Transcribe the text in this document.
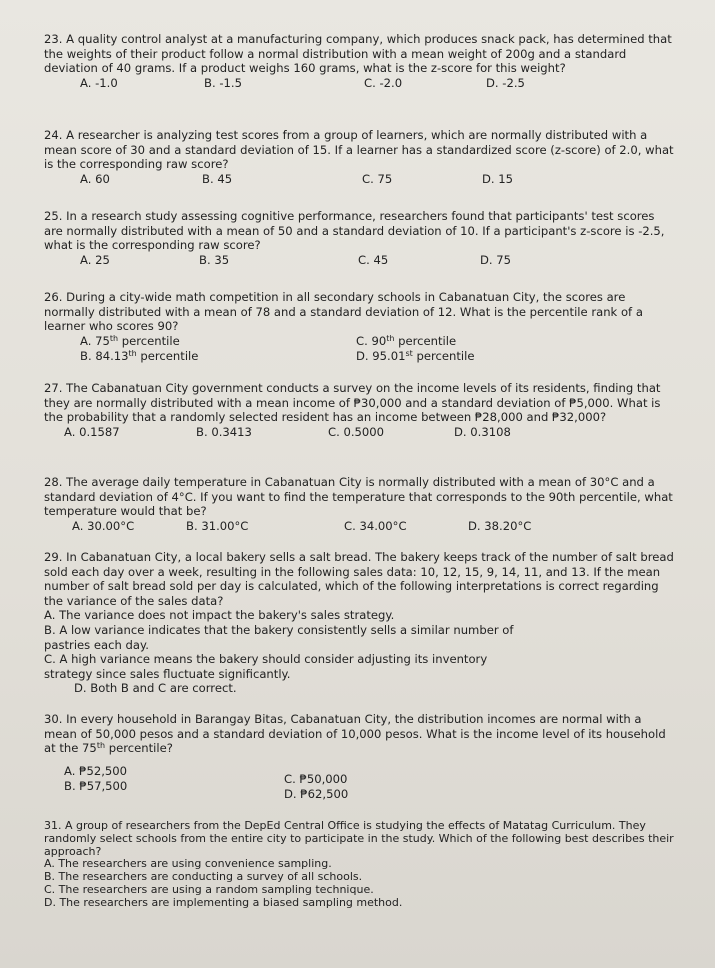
23. A quality control analyst at a manufacturing company, which produces snack pack, has determined that the weights of their product follow a normal distribution with a mean weight of 200g and a standard deviation of 40 grams. If a product weighs 160 grams, what is the z-score for this weight?

A. -1.0	B. -1.5	C. -2.0	D. -2.5

24. A researcher is analyzing test scores from a group of learners, which are normally distributed with a mean score of 30 and a standard deviation of 15. If a learner has a standardized score (z-score) of 2.0, what is the corresponding raw score?

A. 60	B. 45	C. 75	D. 15

25. In a research study assessing cognitive performance, researchers found that participants' test scores are normally distributed with a mean of 50 and a standard deviation of 10. If a participant's z-score is -2.5, what is the corresponding raw score?

A. 25	B. 35	C. 45	D. 75

26. During a city-wide math competition in all secondary schools in Cabanatuan City, the scores are normally distributed with a mean of 78 and a standard deviation of 12. What is the percentile rank of a learner who scores 90?

A. 75th percentile	C. 90th percentile
B. 84.13th percentile	D. 95.01st percentile

27. The Cabanatuan City government conducts a survey on the income levels of its residents, finding that they are normally distributed with a mean income of ₱30,000 and a standard deviation of ₱5,000. What is the probability that a randomly selected resident has an income between ₱28,000 and ₱32,000?

A. 0.1587	B. 0.3413	C. 0.5000	D. 0.3108

28. The average daily temperature in Cabanatuan City is normally distributed with a mean of 30°C and a standard deviation of 4°C. If you want to find the temperature that corresponds to the 90th percentile, what temperature would that be?

A. 30.00°C	B. 31.00°C	C. 34.00°C	D. 38.20°C

29. In Cabanatuan City, a local bakery sells a salt bread. The bakery keeps track of the number of salt bread sold each day over a week, resulting in the following sales data: 10, 12, 15, 9, 14, 11, and 13. If the mean number of salt bread sold per day is calculated, which of the following interpretations is correct regarding the variance of the sales data?

A. The variance does not impact the bakery's sales strategy.

B. A low variance indicates that the bakery consistently sells a similar number of

pastries each day.

C. A high variance means the bakery should consider adjusting its inventory

strategy since sales fluctuate significantly.

D. Both B and C are correct.

30. In every household in Barangay Bitas, Cabanatuan City, the distribution incomes are normal with a mean of 50,000 pesos and a standard deviation of 10,000 pesos. What is the income level of its household at the 75th percentile?

A. ₱52,500
C. ₱50,000
B. ₱57,500
D. ₱62,500

31. A group of researchers from the DepEd Central Office is studying the effects of Matatag Curriculum. They randomly select schools from the entire city to participate in the study. Which of the following best describes their approach?

A. The researchers are using convenience sampling.

B. The researchers are conducting a survey of all schools.

C. The researchers are using a random sampling technique.

D. The researchers are implementing a biased sampling method.
